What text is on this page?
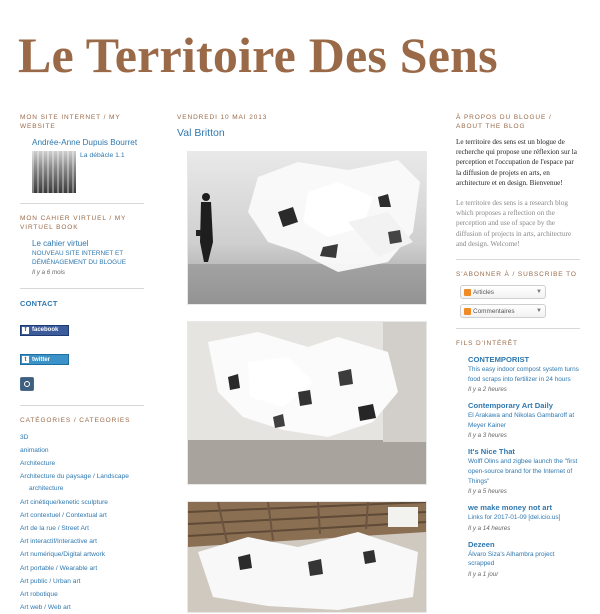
Le Territoire Des Sens
MON SITE INTERNET / MY WEBSITE
Andrée-Anne Dupuis Bourret
La débâcle 1.1
MON CAHIER VIRTUEL / MY VIRTUEL BOOK
Le cahier virtuel
NOUVEAU SITE INTERNET ET DÉMÉNAGEMENT DU BLOGUE
Il y a 6 mois
CONTACT
f facebook

t twitter
CATÉGORIES / CATEGORIES
3D
animation
Architecture
Architecture du paysage / Landscape architecture
Art cinétique/kenetic sculpture
Art contextuel / Contextual art
Art de la rue / Street Art
Art interactif/Interactive art
Art numérique/Digital artwork
Art portable / Wearable art
Art public / Urban art
Art robotique
Art web / Web art
VENDREDI 10 MAI 2013
Val Britton
À PROPOS DU BLOGUE / ABOUT THE BLOG
Le territoire des sens est un blogue de recherche qui propose une réflexion sur la perception et l'occupation de l'espace par la diffusion de projets en arts, en architecture et en design. Bienvenue!
Le territoire des sens is a research blog which proposes a reflection on the perception and use of space by the diffusion of projects in arts, architecture and design. Welcome!
S'ABONNER À / SUBSCRIBE TO
Articles	▼
Commentaires	▼
FILS D'INTÉRÊT
CONTEMPORIST
This easy indoor compost system turns food scraps into fertilizer in 24 hours
Il y a 2 heures
Contemporary Art Daily
El Arakawa and Nikolas Gambaroff at Meyer Kainer
Il y a 3 heures
It's Nice That
Wolff Olins and zigbee launch the "first open-source brand for the Internet of Things"
Il y a 5 heures
we make money not art
Links for 2017-01-09 [del.icio.us]
Il y a 14 heures
Dezeen
Álvaro Siza's Alhambra project scrapped
Il y a 1 jour
